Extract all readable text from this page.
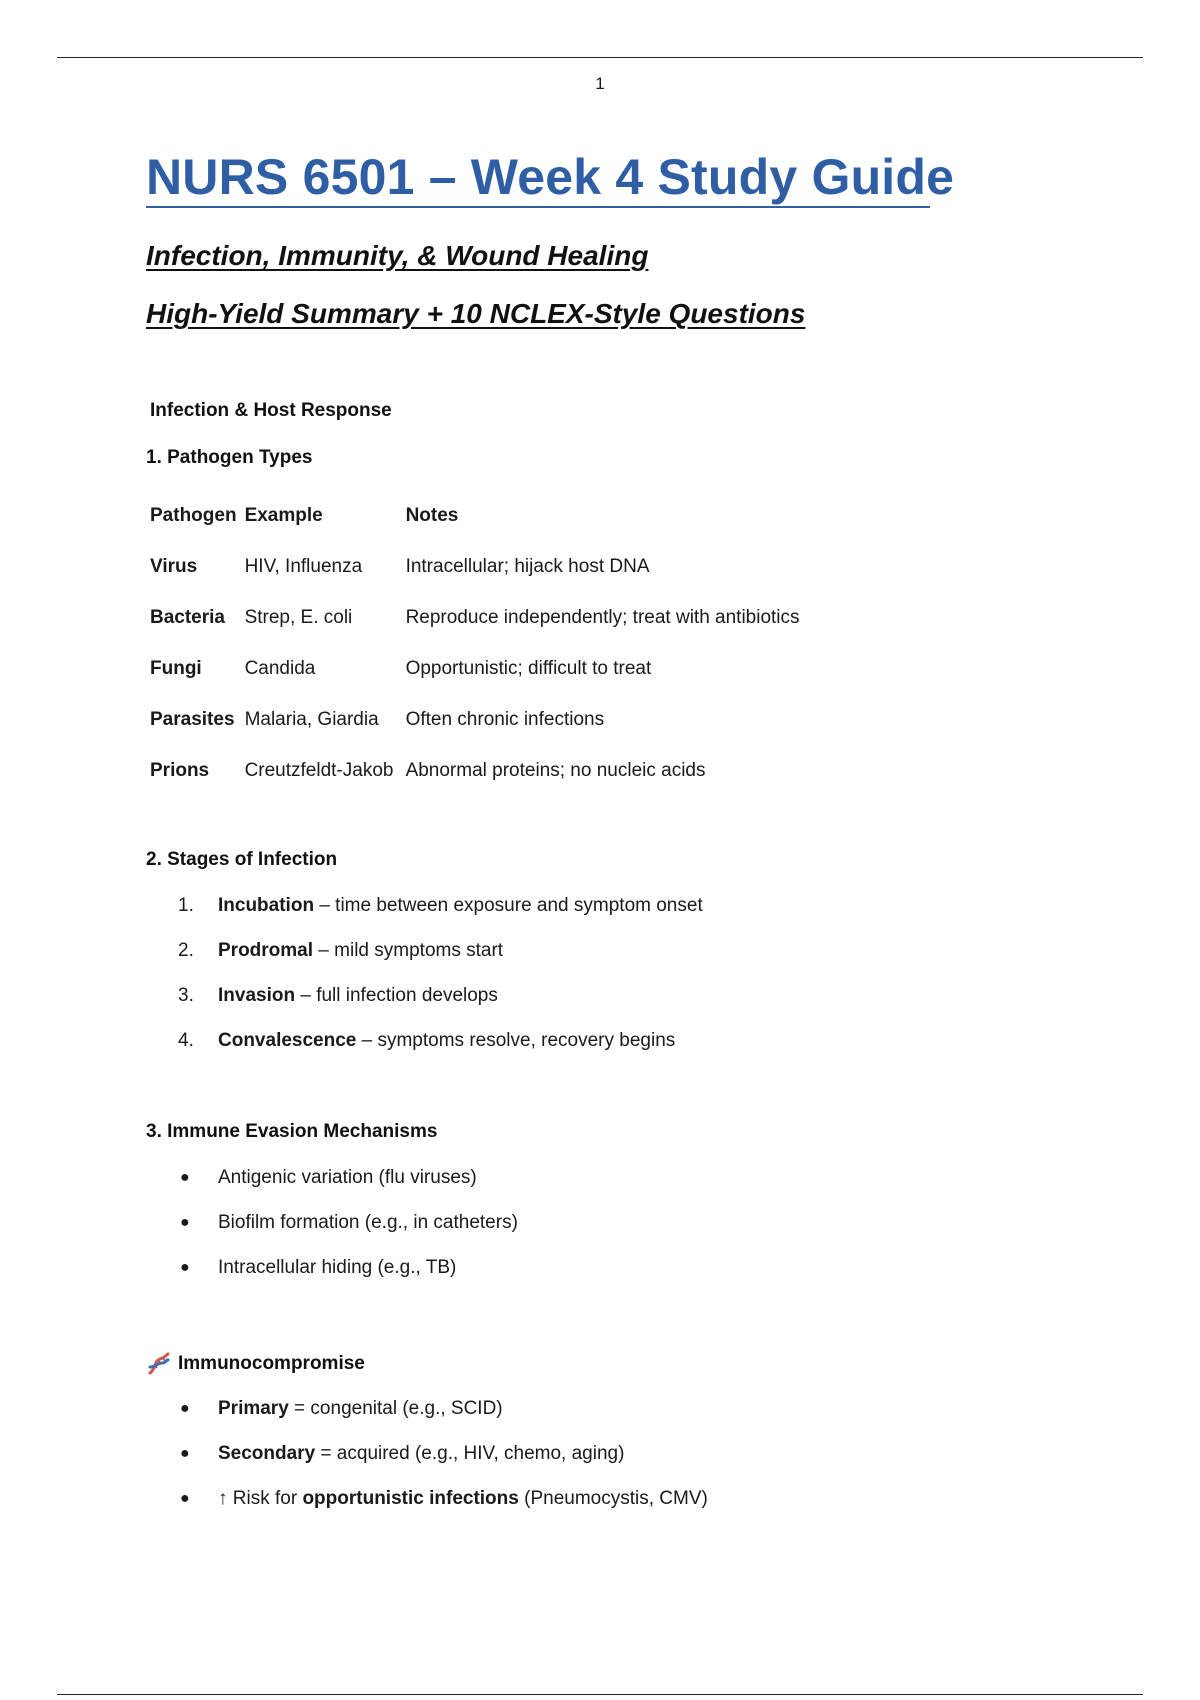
1
NURS 6501 – Week 4 Study Guide
Infection, Immunity, & Wound Healing
High-Yield Summary + 10 NCLEX-Style Questions
Infection & Host Response
1. Pathogen Types
Pathogen	Example	Notes
Virus	HIV, Influenza	Intracellular; hijack host DNA
Bacteria	Strep, E. coli	Reproduce independently; treat with antibiotics
Fungi	Candida	Opportunistic; difficult to treat
Parasites	Malaria, Giardia	Often chronic infections
Prions	Creutzfeldt-Jakob	Abnormal proteins; no nucleic acids
2. Stages of Infection
1.	Incubation – time between exposure and symptom onset
2.	Prodromal – mild symptoms start
3.	Invasion – full infection develops
4.	Convalescence – symptoms resolve, recovery begins
3. Immune Evasion Mechanisms
●	Antigenic variation (flu viruses)
●	Biofilm formation (e.g., in catheters)
●	Intracellular hiding (e.g., TB)
Immunocompromise
●	Primary = congenital (e.g., SCID)
●	Secondary = acquired (e.g., HIV, chemo, aging)
●	↑ Risk for opportunistic infections (Pneumocystis, CMV)
